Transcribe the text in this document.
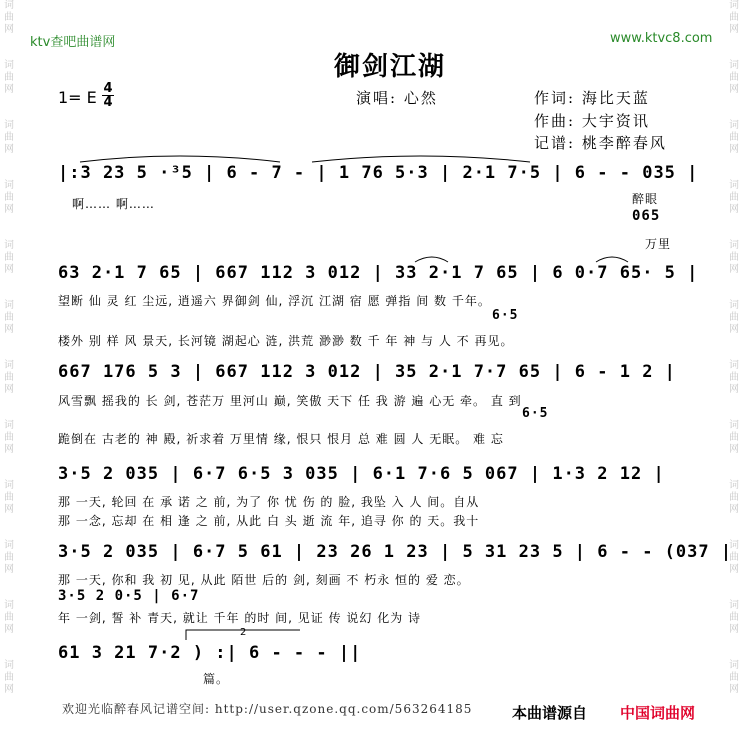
词曲网
词曲网
词曲网
词曲网
词曲网
词曲网
词曲网
词曲网
词曲网
词曲网
词曲网
词曲网
词曲网
词曲网
词曲网
词曲网
词曲网
词曲网
词曲网
词曲网
词曲网
词曲网
词曲网
词曲网
ktv查吧曲谱网	www.ktvc8.com
御剑江湖
1= E 4
4	演唱: 心然	作词: 海比天蓝
作曲: 大宇资讯
记谱: 桃李醉春风
|:3 23 5 ·³5 | 6 - 7 - | 1 76 5·3 | 2·1 7·5 | 6 - - 035 |
啊…… 啊……
065
醉眼
万里
63 2·1 7 65 | 667 112 3 012 | 33 2·1 7 65 | 6 0·7 65· 5 |
望断 仙 灵 红 尘远, 逍遥六 界御剑 仙, 浮沉 江湖 宿 愿 弹指 间 数 千年。
6·5
楼外 别 样 风 景天, 长河镜 湖起心 涟, 洪荒 渺渺 数 千 年 神 与 人 不 再见。
667 176 5 3 | 667 112 3 012 | 35 2·1 7·7 65 | 6 - 1 2 |
风雪飘 摇我的 长 剑, 苍茫万 里河山 巅, 笑傲 天下 任 我 游 遍 心无 牵。 直 到
6·5
跪倒在 古老的 神 殿, 祈求着 万里情 缘, 恨只 恨月 总 难 圆 人 无眠。 难 忘
3·5 2 035 | 6·7 6·5 3 035 | 6·1 7·6 5 067 | 1·3 2 12 |
那 一天, 轮回 在 承 诺 之 前, 为了 你 忧 伤 的 脸, 我坠 入 人 间。自从
那 一念, 忘却 在 相 逢 之 前, 从此 白 头 逝 流 年, 追寻 你 的 天。我十
3·5 2 035 | 6·7 5 61 | 23 26 1 23 | 5 31 23 5 | 6 - - (037 |
那 一天, 你和 我 初 见, 从此 陌世 后的 剑, 刻画 不 朽永 恒的 爱 恋。
3·5 2 0·5 | 6·7
年 一剑, 誓 补 青天, 就让 千年 的时 间, 见证 传 说幻 化为 诗
61 3 21 7·2 ) :| 6 - - - ||
2
篇。
欢迎光临醉春风记谱空间: http://user.qzone.qq.com/563264185	本曲谱源自 中国词曲网
